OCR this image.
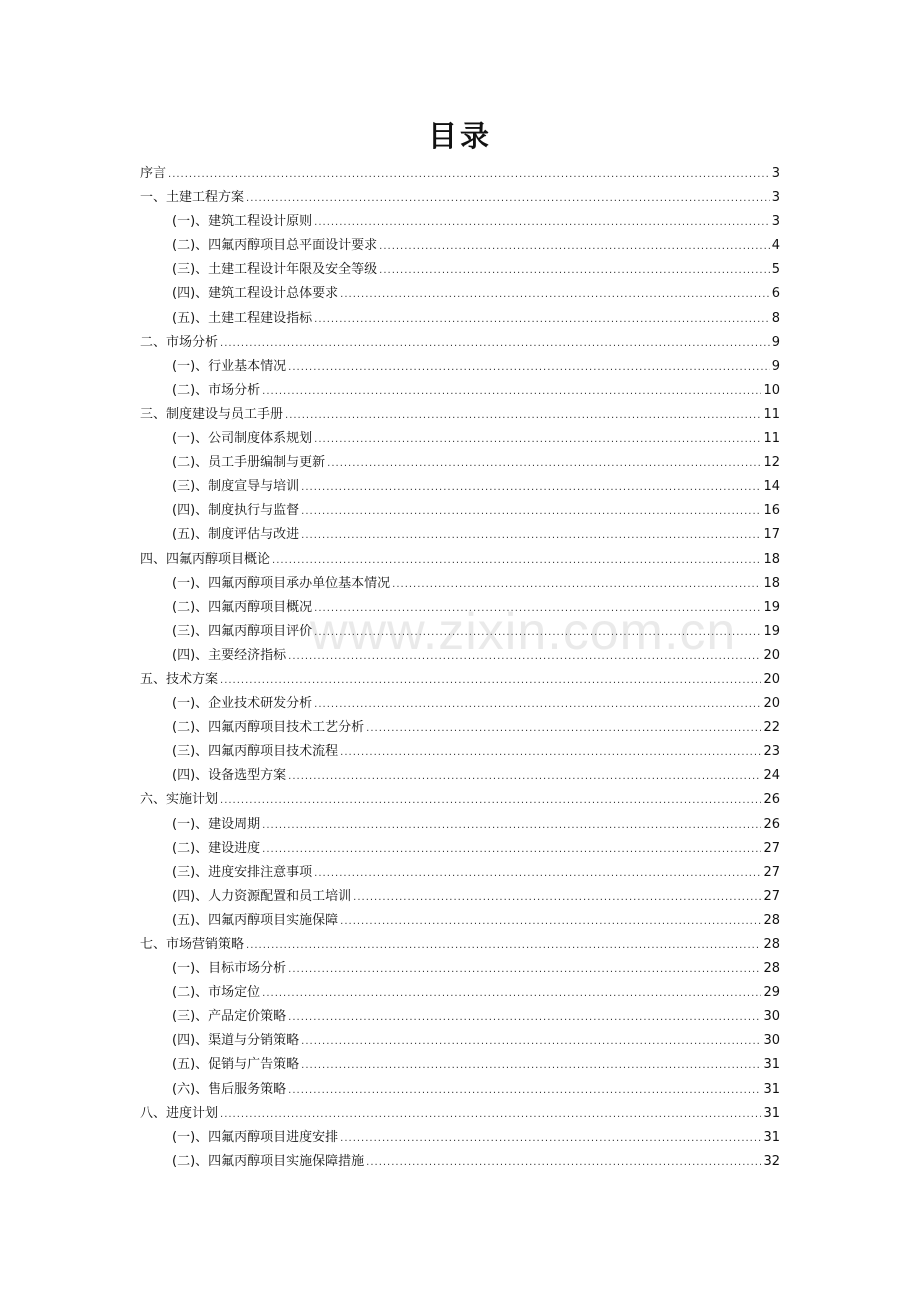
目录
序言 .....	3
一、土建工程方案 .....	3
(一)、建筑工程设计原则 .....	3
(二)、四氟丙醇项目总平面设计要求 .....	4
(三)、土建工程设计年限及安全等级 .....	5
(四)、建筑工程设计总体要求 .....	6
(五)、土建工程建设指标 .....	8
二、市场分析 .....	9
(一)、行业基本情况 .....	9
(二)、市场分析 .....	10
三、制度建设与员工手册 .....	11
(一)、公司制度体系规划 .....	11
(二)、员工手册编制与更新 .....	12
(三)、制度宣导与培训 .....	14
(四)、制度执行与监督 .....	16
(五)、制度评估与改进 .....	17
四、四氟丙醇项目概论 .....	18
(一)、四氟丙醇项目承办单位基本情况 .....	18
(二)、四氟丙醇项目概况 .....	19
(三)、四氟丙醇项目评价 .....	19
(四)、主要经济指标 .....	20
五、技术方案 .....	20
(一)、企业技术研发分析 .....	20
(二)、四氟丙醇项目技术工艺分析 .....	22
(三)、四氟丙醇项目技术流程 .....	23
(四)、设备选型方案 .....	24
六、实施计划 .....	26
(一)、建设周期 .....	26
(二)、建设进度 .....	27
(三)、进度安排注意事项 .....	27
(四)、人力资源配置和员工培训 .....	27
(五)、四氟丙醇项目实施保障 .....	28
七、市场营销策略 .....	28
(一)、目标市场分析 .....	28
(二)、市场定位 .....	29
(三)、产品定价策略 .....	30
(四)、渠道与分销策略 .....	30
(五)、促销与广告策略 .....	31
(六)、售后服务策略 .....	31
八、进度计划 .....	31
(一)、四氟丙醇项目进度安排 .....	31
(二)、四氟丙醇项目实施保障措施 .....	32
www.zixin.com.cn
